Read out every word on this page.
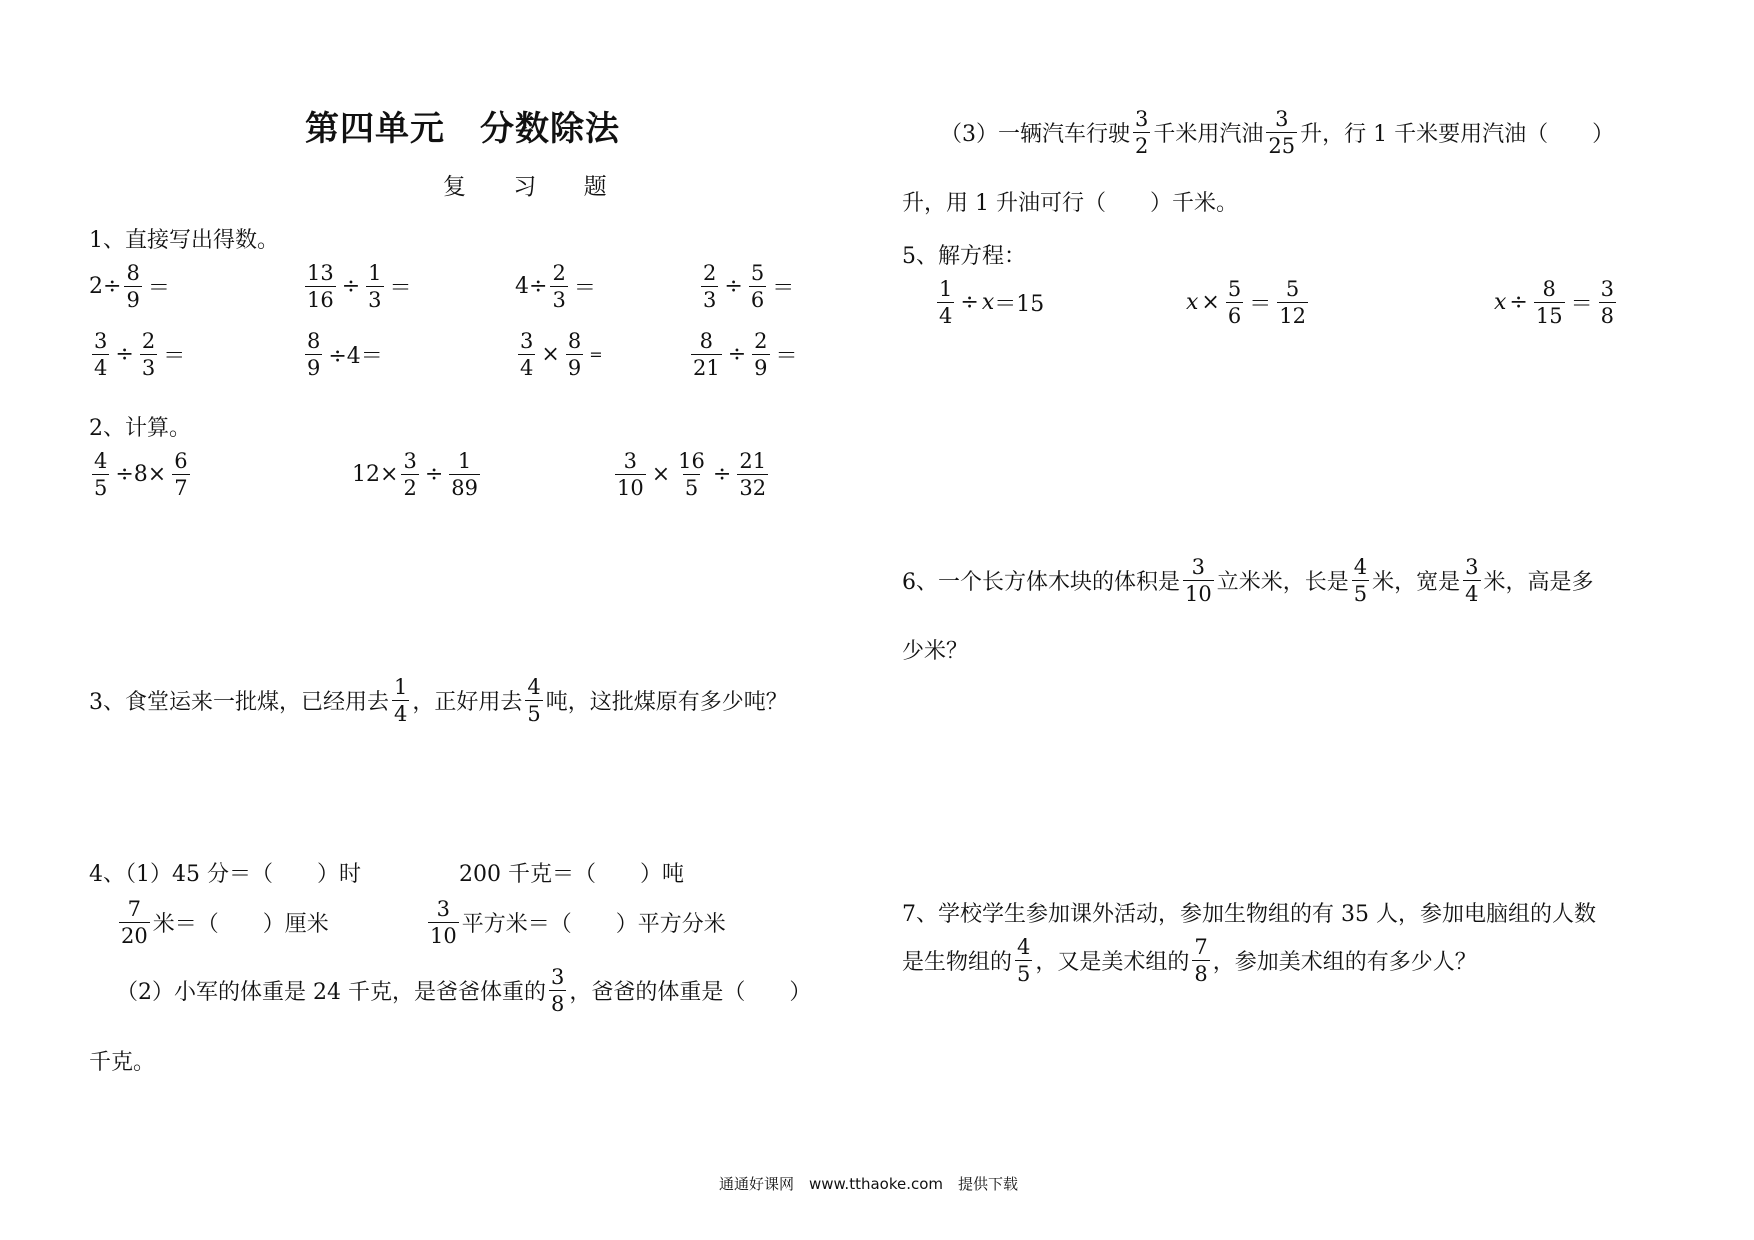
第四单元　分数除法
复 习 题
1、直接写出得数。
$2\div \frac{8}{9}$ ＝	$\frac{13}{16} \div \frac{1}{3}$ ＝	$4\div \frac{2}{3}$ ＝	$\frac{2}{3} \div \frac{5}{6}$ ＝
$\frac{3}{4} \div \frac{2}{3}$ ＝	$\frac{8}{9} \div 4=$	$\frac{3}{4} \times \frac{8}{9}$ =	$\frac{8}{21} \div \frac{2}{9}$ ＝
2、计算。
$\frac{4}{5} \div 8\times \frac{6}{7}$	$12\times \frac{3}{2} \div \frac{1}{89}$	$\frac{3}{10} \times \frac{16}{5} \div \frac{21}{32}$
3、食堂运来一批煤，已经用去 $\frac{1}{4}$ ，正好用去 $\frac{4}{5}$ 吨，这批煤原有多少吨？
4、（1）45 分＝（　　）时	200 千克＝（　　）吨
$\frac{7}{20}$ 米＝（　　）厘米	$\frac{3}{10}$ 平方米＝（　　）平方分米
（2）小军的体重是 24 千克，是爸爸体重的 $\frac{3}{8}$ ，爸爸的体重是（　　）
千克。
（3）一辆汽车行驶 $\frac{3}{2}$ 千米用汽油 $\frac{3}{25}$ 升，行 1 千米要用汽油（　　）
升，用 1 升油可行（　　）千米。
5、解方程：
$\frac{1}{4} \div x =15$	$x \times \frac{5}{6} = \frac{5}{12}$	$x \div \frac{8}{15} = \frac{3}{8}$
6、一个长方体木块的体积是 $\frac{3}{10}$ 立米米，长是 $\frac{4}{5}$ 米，宽是 $\frac{3}{4}$ 米，高是多
少米？
7、学校学生参加课外活动，参加生物组的有 35 人，参加电脑组的人数
是生物组的 $\frac{4}{5}$ ，又是美术组的 $\frac{7}{8}$ ，参加美术组的有多少人？
通通好课网　www.tthaoke.com　提供下载
